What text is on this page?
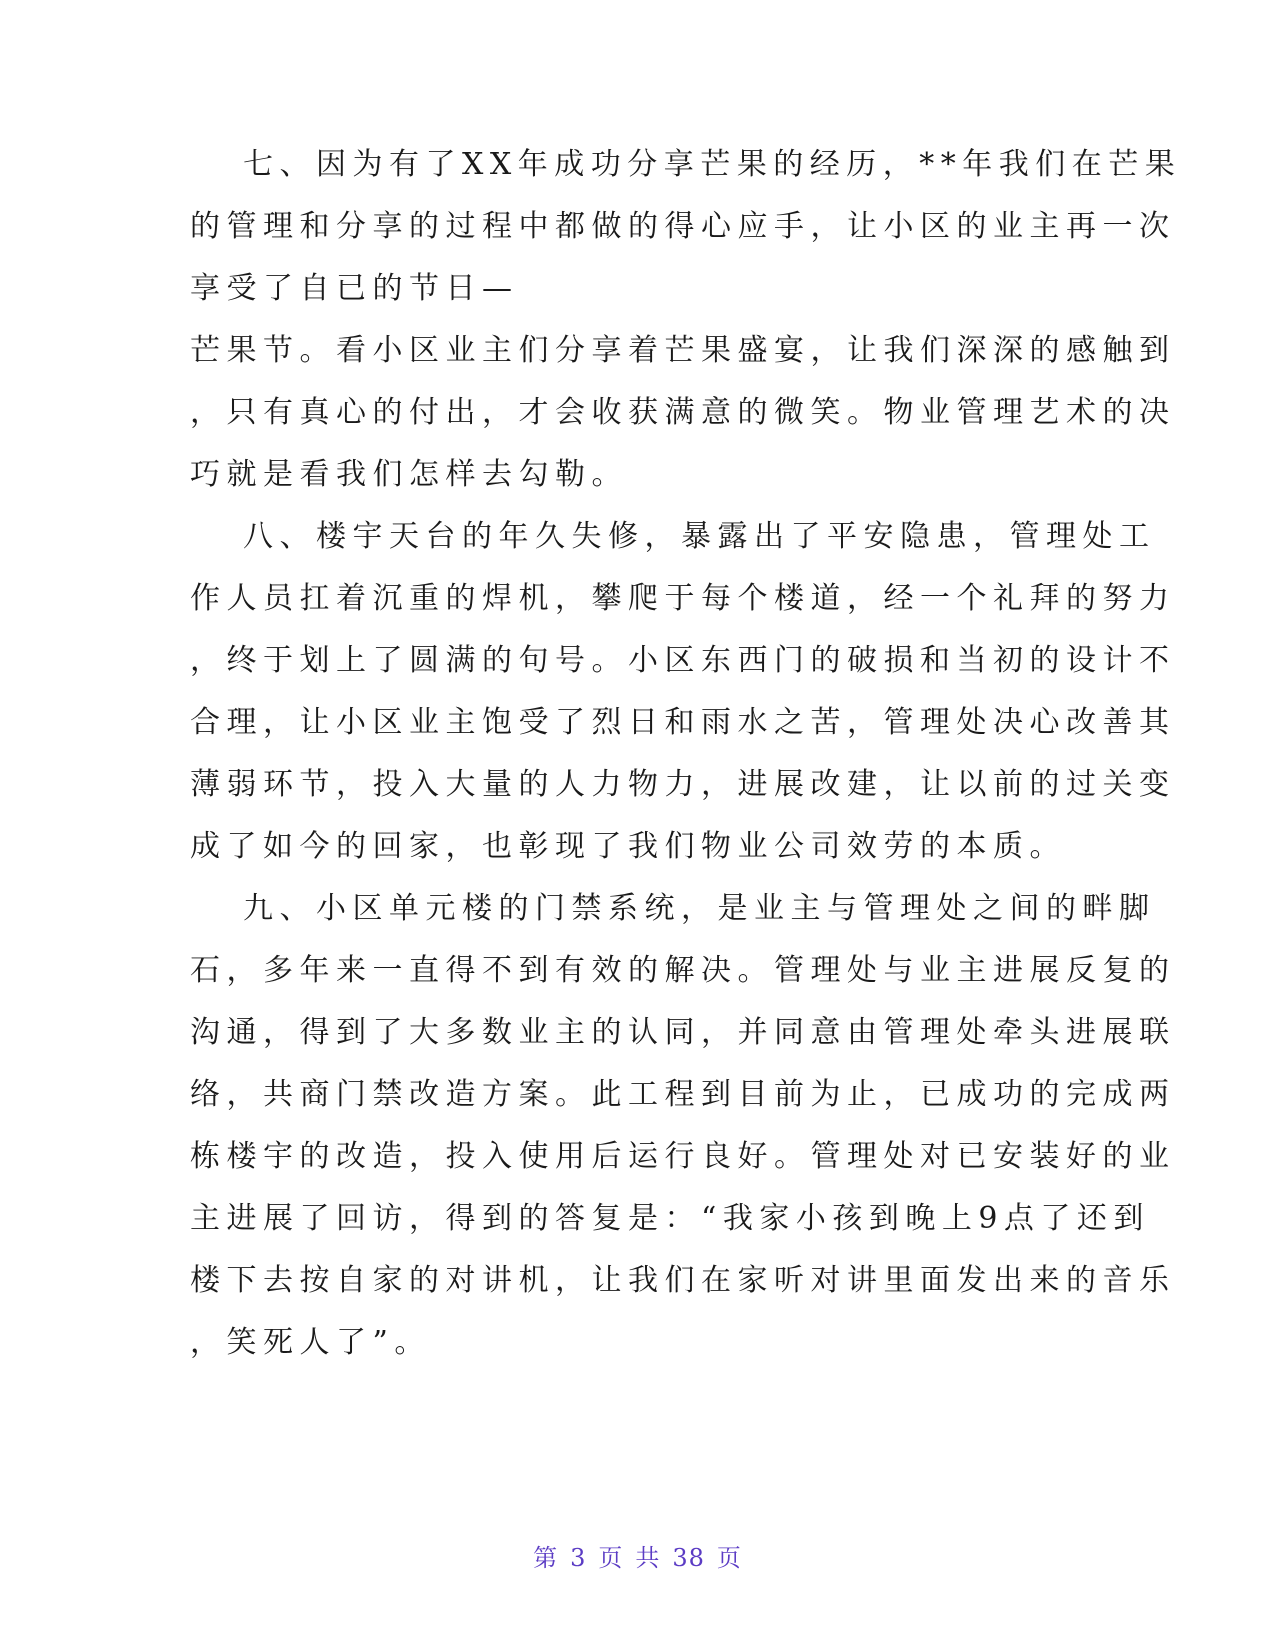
七、因为有了XX年成功分享芒果的经历，**年我们在芒果
的管理和分享的过程中都做的得心应手，让小区的业主再一次
享受了自已的节日—
芒果节。看小区业主们分享着芒果盛宴，让我们深深的感触到
，只有真心的付出，才会收获满意的微笑。物业管理艺术的决
巧就是看我们怎样去勾勒。
八、楼宇天台的年久失修，暴露出了平安隐患，管理处工
作人员扛着沉重的焊机，攀爬于每个楼道，经一个礼拜的努力
，终于划上了圆满的句号。小区东西门的破损和当初的设计不
合理，让小区业主饱受了烈日和雨水之苦，管理处决心改善其
薄弱环节，投入大量的人力物力，进展改建，让以前的过关变
成了如今的回家，也彰现了我们物业公司效劳的本质。
九、小区单元楼的门禁系统，是业主与管理处之间的畔脚
石，多年来一直得不到有效的解决。管理处与业主进展反复的
沟通，得到了大多数业主的认同，并同意由管理处牵头进展联
络，共商门禁改造方案。此工程到目前为止，已成功的完成两
栋楼宇的改造，投入使用后运行良好。管理处对已安装好的业
主进展了回访，得到的答复是：“我家小孩到晚上9点了还到
楼下去按自家的对讲机，让我们在家听对讲里面发出来的音乐
，笑死人了”。
第 3 页 共 38 页
